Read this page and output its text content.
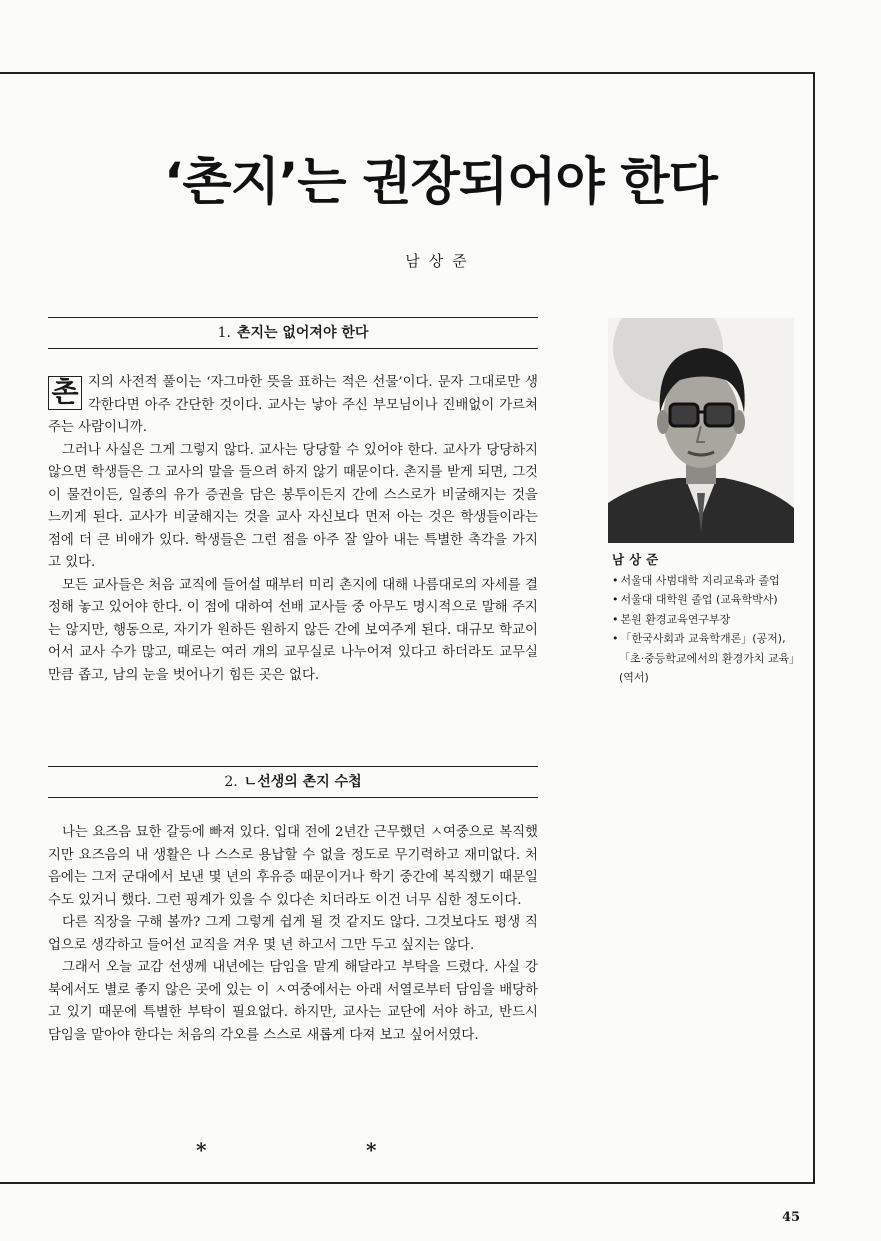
‘촌지’는 권장되어야 한다
남상준
1. 촌지는 없어져야 한다

촌 지의 사전적 풀이는 ‘자그마한 뜻을 표하는 적은 선물’이다. 문자 그대로만 생각한다면 아주 간단한 것이다. 교사는 낳아 주신 부모님이나 진배없이 가르쳐 주는 사람이니까.

그러나 사실은 그게 그렇지 않다. 교사는 당당할 수 있어야 한다. 교사가 당당하지 않으면 학생들은 그 교사의 말을 들으려 하지 않기 때문이다. 촌지를 받게 되면, 그것이 물건이든, 일종의 유가 증권을 담은 봉투이든지 간에 스스로가 비굴해지는 것을 느끼게 된다. 교사가 비굴해지는 것을 교사 자신보다 먼저 아는 것은 학생들이라는 점에 더 큰 비애가 있다. 학생들은 그런 점을 아주 잘 알아 내는 특별한 촉각을 가지고 있다.

모든 교사들은 처음 교직에 들어설 때부터 미리 촌지에 대해 나름대로의 자세를 결정해 놓고 있어야 한다. 이 점에 대하여 선배 교사들 중 아무도 명시적으로 말해 주지는 않지만, 행동으로, 자기가 원하든 원하지 않든 간에 보여주게 된다. 대규모 학교이어서 교사 수가 많고, 때로는 여러 개의 교무실로 나누어져 있다고 하더라도 교무실만큼 좁고, 남의 눈을 벗어나기 힘든 곳은 없다.

2. ㄴ선생의 촌지 수첩

나는 요즈음 묘한 갈등에 빠져 있다. 입대 전에 2년간 근무했던 ㅅ여중으로 복직했지만 요즈음의 내 생활은 나 스스로 용납할 수 없을 정도로 무기력하고 재미없다. 처음에는 그저 군대에서 보낸 몇 년의 후유증 때문이거나 학기 중간에 복직했기 때문일 수도 있거니 했다. 그런 핑계가 있을 수 있다손 치더라도 이건 너무 심한 정도이다.

다른 직장을 구해 볼까? 그게 그렇게 쉽게 될 것 같지도 않다. 그것보다도 평생 직업으로 생각하고 들어선 교직을 겨우 몇 년 하고서 그만 두고 싶지는 않다.

그래서 오늘 교감 선생께 내년에는 담임을 맡게 해달라고 부탁을 드렸다. 사실 강북에서도 별로 좋지 않은 곳에 있는 이 ㅅ여중에서는 아래 서열로부터 담임을 배당하고 있기 때문에 특별한 부탁이 필요없다. 하지만, 교사는 교단에 서야 하고, 반드시 담임을 맡아야 한다는 처음의 각오를 스스로 새롭게 다져 보고 싶어서였다.

남상준
• 서울대 사범대학 지리교육과 졸업
• 서울대 대학원 졸업 (교육학박사)
• 본원 환경교육연구부장
• 「한국사회과 교육학개론」(공저), 「초·중등학교에서의 환경가치 교육」(역서)
*	*
45
